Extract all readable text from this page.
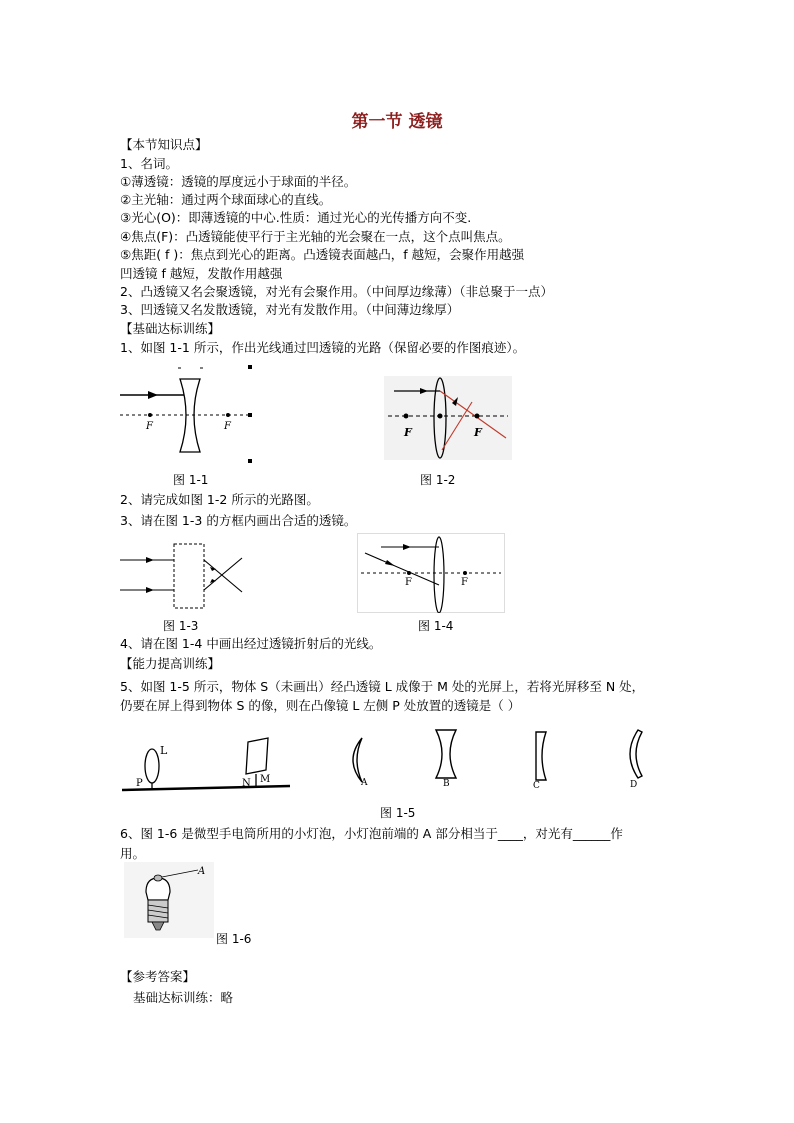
第一节 透镜
【本节知识点】
1、名词。
①薄透镜：透镜的厚度远小于球面的半径。
②主光轴：通过两个球面球心的直线。
③光心(O)：即薄透镜的中心.性质：通过光心的光传播方向不变.
④焦点(F)：凸透镜能使平行于主光轴的光会聚在一点，这个点叫焦点。
⑤焦距( f )：焦点到光心的距离。凸透镜表面越凸，f 越短，会聚作用越强
凹透镜 f 越短，发散作用越强
2、凸透镜又名会聚透镜，对光有会聚作用。（中间厚边缘薄）（非总聚于一点）
3、凹透镜又名发散透镜，对光有发散作用。（中间薄边缘厚）
【基础达标训练】
1、如图 1-1 所示，作出光线通过凹透镜的光路（保留必要的作图痕迹）。
F	F
图 1-1
F	F
图 1-2
2、请完成如图 1-2 所示的光路图。
3、请在图 1-3 的方框内画出合适的透镜。
图 1-3
F	F
图 1-4
4、请在图 1-4 中画出经过透镜折射后的光线。
【能力提高训练】
5、如图 1-5 所示，物体 S（未画出）经凸透镜 L 成像于 M 处的光屏上，若将光屏移至 N 处，
仍要在屏上得到物体 S 的像，则在凸像镜 L 左侧 P 处放置的透镜是（ ）
P
L
N M	A	B	C	D
图 1-5
6、图 1-6 是微型手电筒所用的小灯泡，小灯泡前端的 A 部分相当于____，对光有______作
用。
A
图 1-6
【参考答案】
基础达标训练：略
